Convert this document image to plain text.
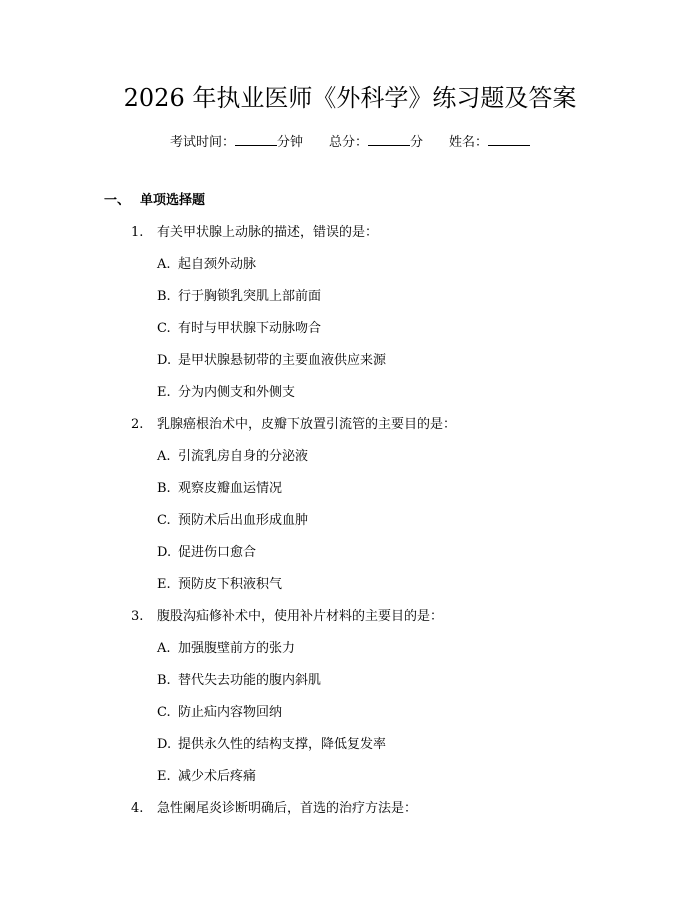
2026 年执业医师《外科学》练习题及答案
考试时间：	分钟 总分：	分 姓名：
一、 单项选择题
1. 有关甲状腺上动脉的描述，错误的是：
A. 起自颈外动脉
B. 行于胸锁乳突肌上部前面
C. 有时与甲状腺下动脉吻合
D. 是甲状腺悬韧带的主要血液供应来源
E. 分为内侧支和外侧支
2. 乳腺癌根治术中，皮瓣下放置引流管的主要目的是：
A. 引流乳房自身的分泌液
B. 观察皮瓣血运情况
C. 预防术后出血形成血肿
D. 促进伤口愈合
E. 预防皮下积液积气
3. 腹股沟疝修补术中，使用补片材料的主要目的是：
A. 加强腹壁前方的张力
B. 替代失去功能的腹内斜肌
C. 防止疝内容物回纳
D. 提供永久性的结构支撑，降低复发率
E. 减少术后疼痛
4. 急性阑尾炎诊断明确后，首选的治疗方法是：
